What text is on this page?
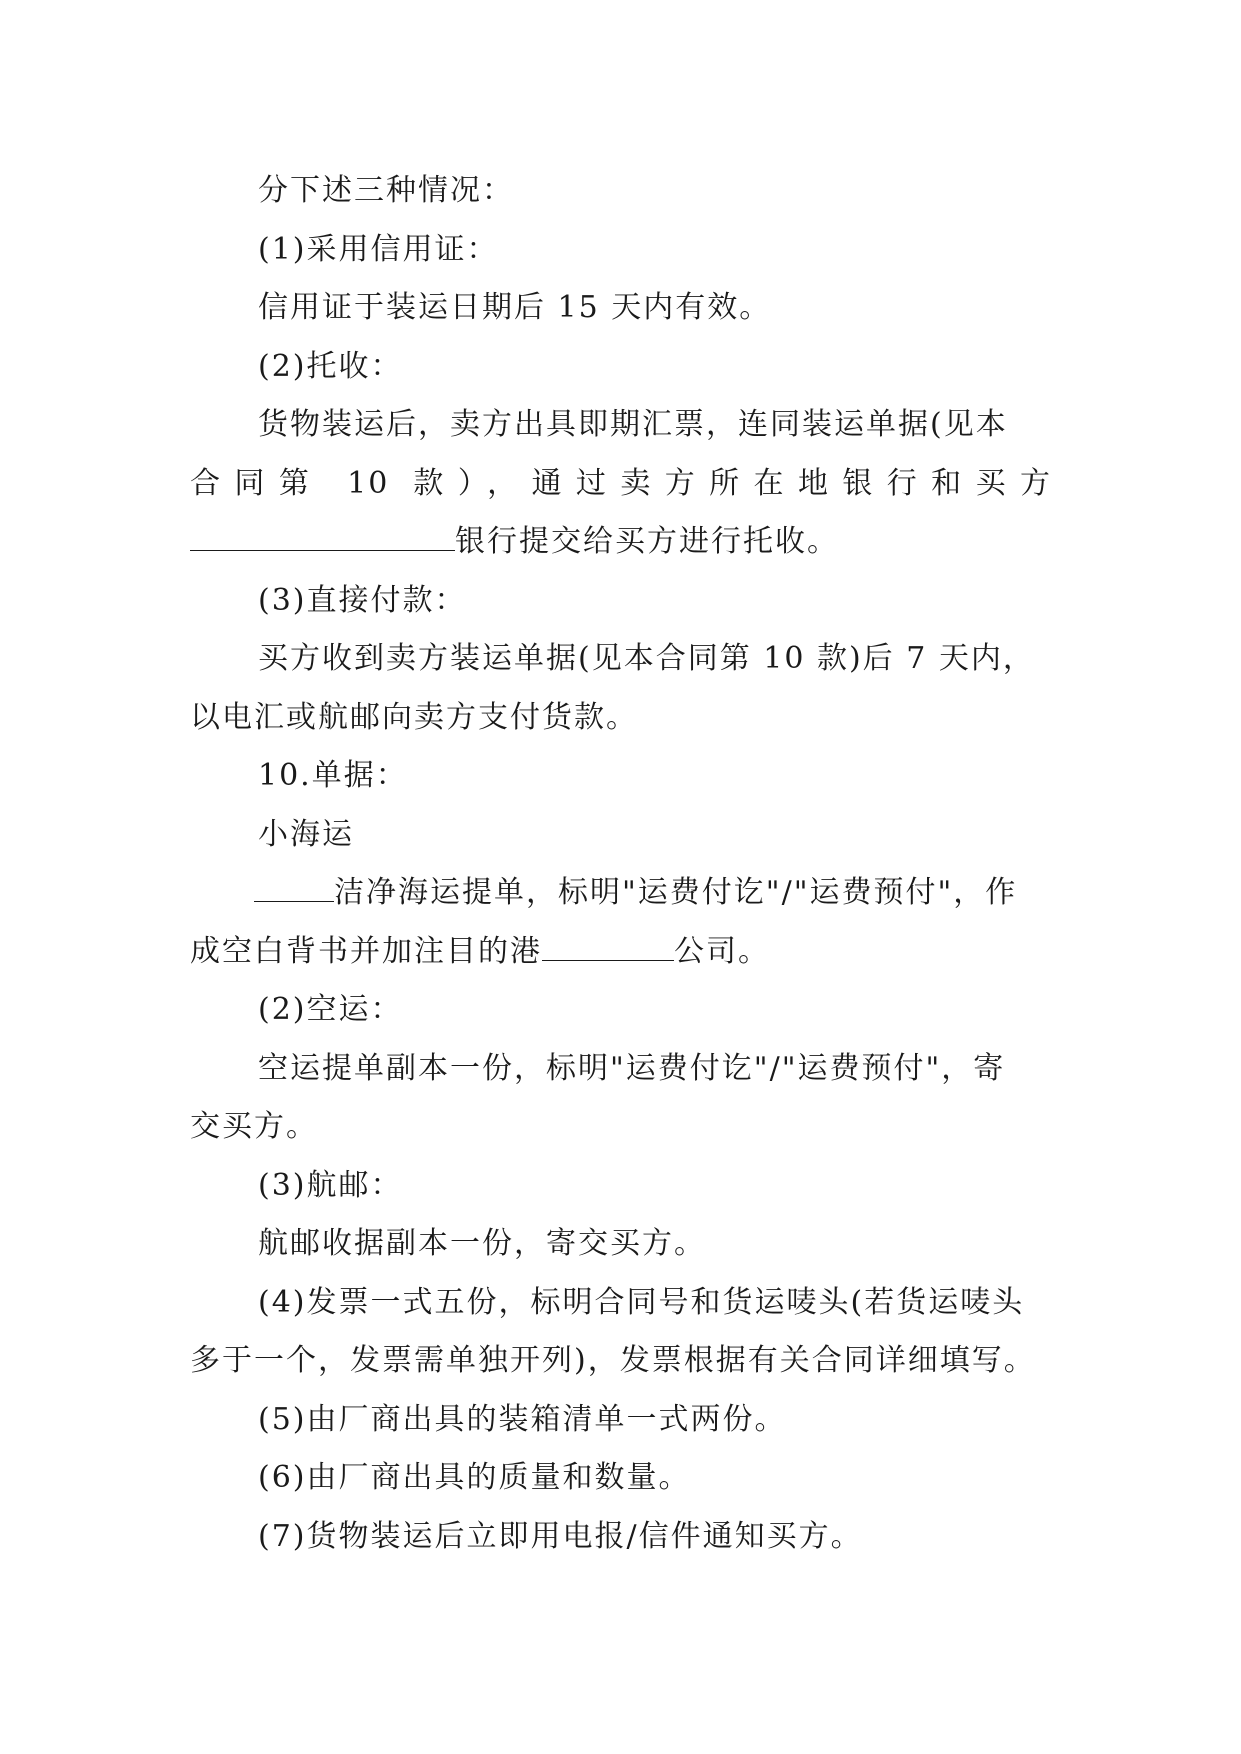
分下述三种情况：

(1)采用信用证：

信用证于装运日期后 15 天内有效。

(2)托收：

货物装运后，卖方出具即期汇票，连同装运单据(见本

合同第 10 款），通过卖方所在地银行和买方

银行提交给买方进行托收。

(3)直接付款：

买方收到卖方装运单据(见本合同第 10 款)后 7 天内，

以电汇或航邮向卖方支付货款。

10.单据：

小海运

洁净海运提单，标明"运费付讫"/"运费预付"，作

成空白背书并加注目的港	公司。

(2)空运：

空运提单副本一份，标明"运费付讫"/"运费预付"，寄

交买方。

(3)航邮：

航邮收据副本一份，寄交买方。

(4)发票一式五份，标明合同号和货运唛头(若货运唛头

多于一个，发票需单独开列)，发票根据有关合同详细填写。

(5)由厂商出具的装箱清单一式两份。

(6)由厂商出具的质量和数量。

(7)货物装运后立即用电报/信件通知买方。
